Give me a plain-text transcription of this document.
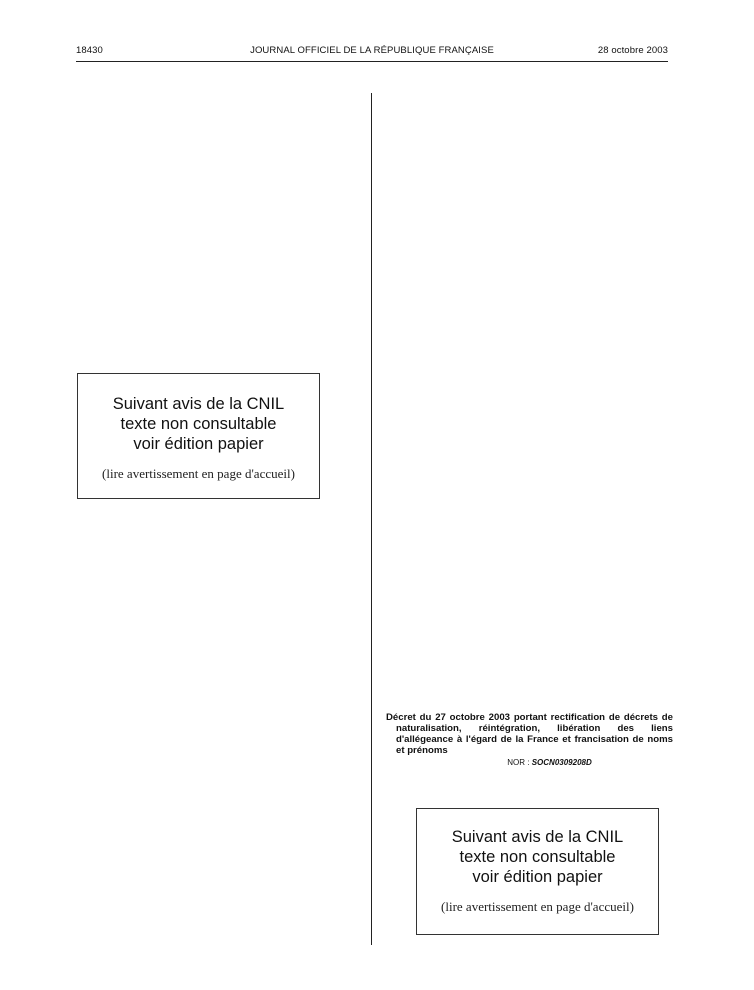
18430	JOURNAL OFFICIEL DE LA RÉPUBLIQUE FRANÇAISE	28 octobre 2003
Suivant avis de la CNIL
texte non consultable
voir édition papier
(lire avertissement en page d'accueil)
Décret du 27 octobre 2003 portant rectification de décrets de naturalisation, réintégration, libération des liens d'allégeance à l'égard de la France et francisation de noms et prénoms
NOR : SOCN0309208D
Suivant avis de la CNIL
texte non consultable
voir édition papier
(lire avertissement en page d'accueil)
